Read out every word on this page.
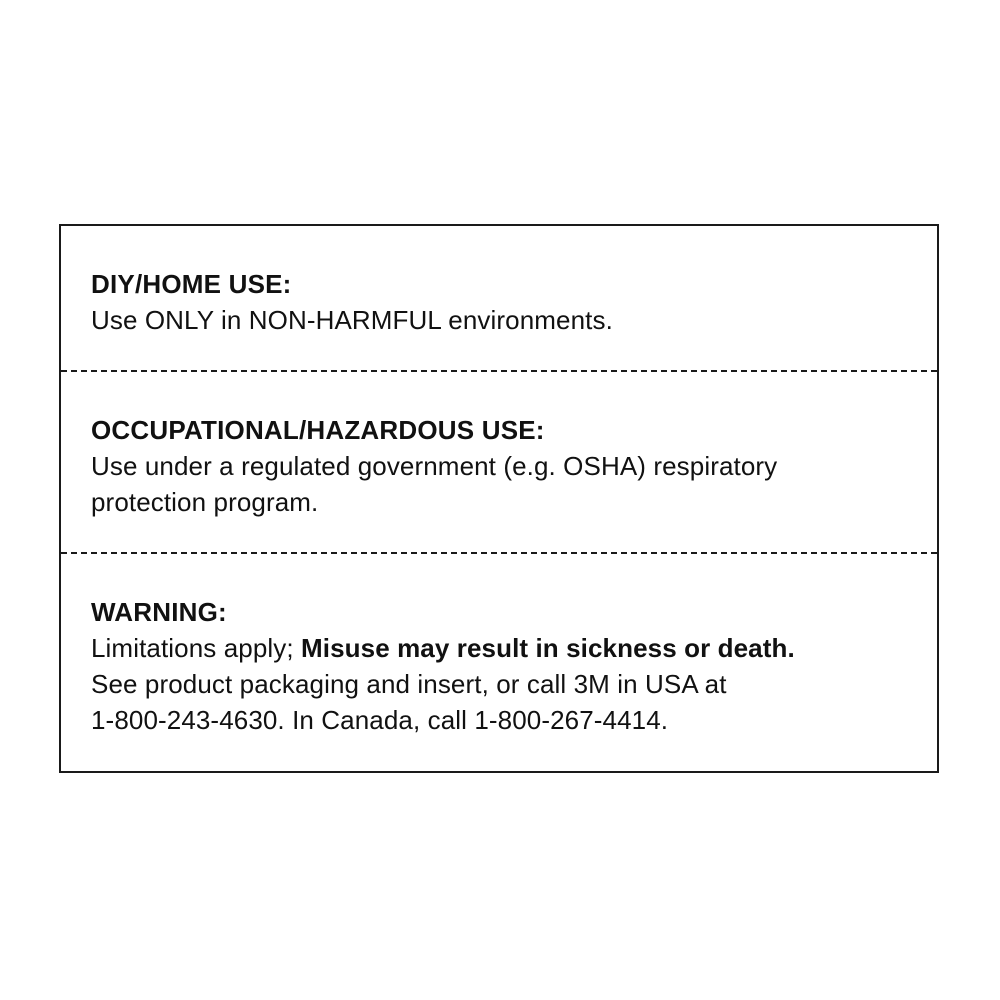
DIY/HOME USE:
Use ONLY in NON-HARMFUL environments.
OCCUPATIONAL/HAZARDOUS USE:
Use under a regulated government (e.g. OSHA) respiratory
protection program.
WARNING:
Limitations apply; Misuse may result in sickness or death.
See product packaging and insert, or call 3M in USA at
1-800-243-4630. In Canada, call 1-800-267-4414.
